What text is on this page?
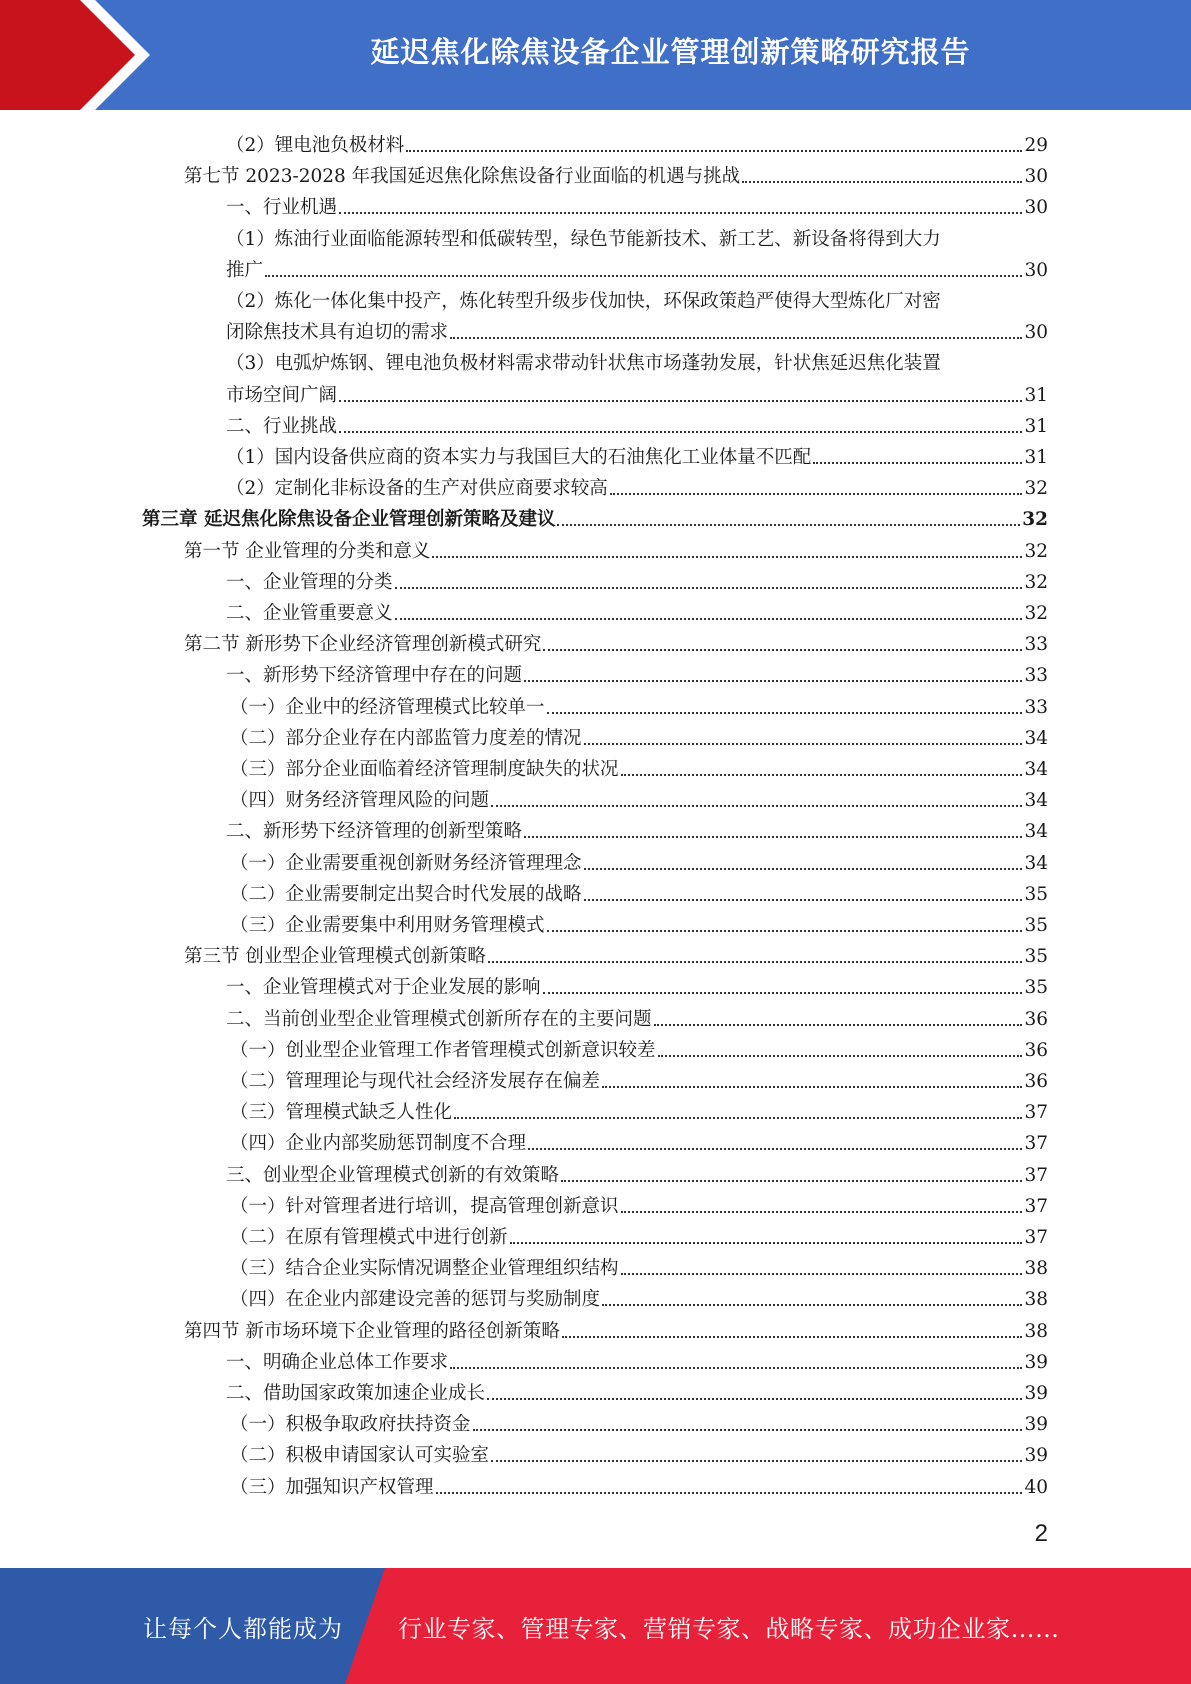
延迟焦化除焦设备企业管理创新策略研究报告
（2）锂电池负极材料	29
第七节 2023-2028 年我国延迟焦化除焦设备行业面临的机遇与挑战	30
一、行业机遇	30
（1）炼油行业面临能源转型和低碳转型，绿色节能新技术、新工艺、新设备将得到大力
推广	30
（2）炼化一体化集中投产，炼化转型升级步伐加快，环保政策趋严使得大型炼化厂对密
闭除焦技术具有迫切的需求	30
（3）电弧炉炼钢、锂电池负极材料需求带动针状焦市场蓬勃发展，针状焦延迟焦化装置
市场空间广阔	31
二、行业挑战	31
（1）国内设备供应商的资本实力与我国巨大的石油焦化工业体量不匹配	31
（2）定制化非标设备的生产对供应商要求较高	32
第三章 延迟焦化除焦设备企业管理创新策略及建议	32
第一节 企业管理的分类和意义	32
一、企业管理的分类	32
二、企业管重要意义	32
第二节 新形势下企业经济管理创新模式研究	33
一、新形势下经济管理中存在的问题	33
（一）企业中的经济管理模式比较单一	33
（二）部分企业存在内部监管力度差的情况	34
（三）部分企业面临着经济管理制度缺失的状况	34
（四）财务经济管理风险的问题	34
二、新形势下经济管理的创新型策略	34
（一）企业需要重视创新财务经济管理理念	34
（二）企业需要制定出契合时代发展的战略	35
（三）企业需要集中利用财务管理模式	35
第三节 创业型企业管理模式创新策略	35
一、企业管理模式对于企业发展的影响	35
二、当前创业型企业管理模式创新所存在的主要问题	36
（一）创业型企业管理工作者管理模式创新意识较差	36
（二）管理理论与现代社会经济发展存在偏差	36
（三）管理模式缺乏人性化	37
（四）企业内部奖励惩罚制度不合理	37
三、创业型企业管理模式创新的有效策略	37
（一）针对管理者进行培训，提高管理创新意识	37
（二）在原有管理模式中进行创新	37
（三）结合企业实际情况调整企业管理组织结构	38
（四）在企业内部建设完善的惩罚与奖励制度	38
第四节 新市场环境下企业管理的路径创新策略	38
一、明确企业总体工作要求	39
二、借助国家政策加速企业成长	39
（一）积极争取政府扶持资金	39
（二）积极申请国家认可实验室	39
（三）加强知识产权管理	40
2
让每个人都能成为 行业专家、管理专家、营销专家、战略专家、成功企业家……
